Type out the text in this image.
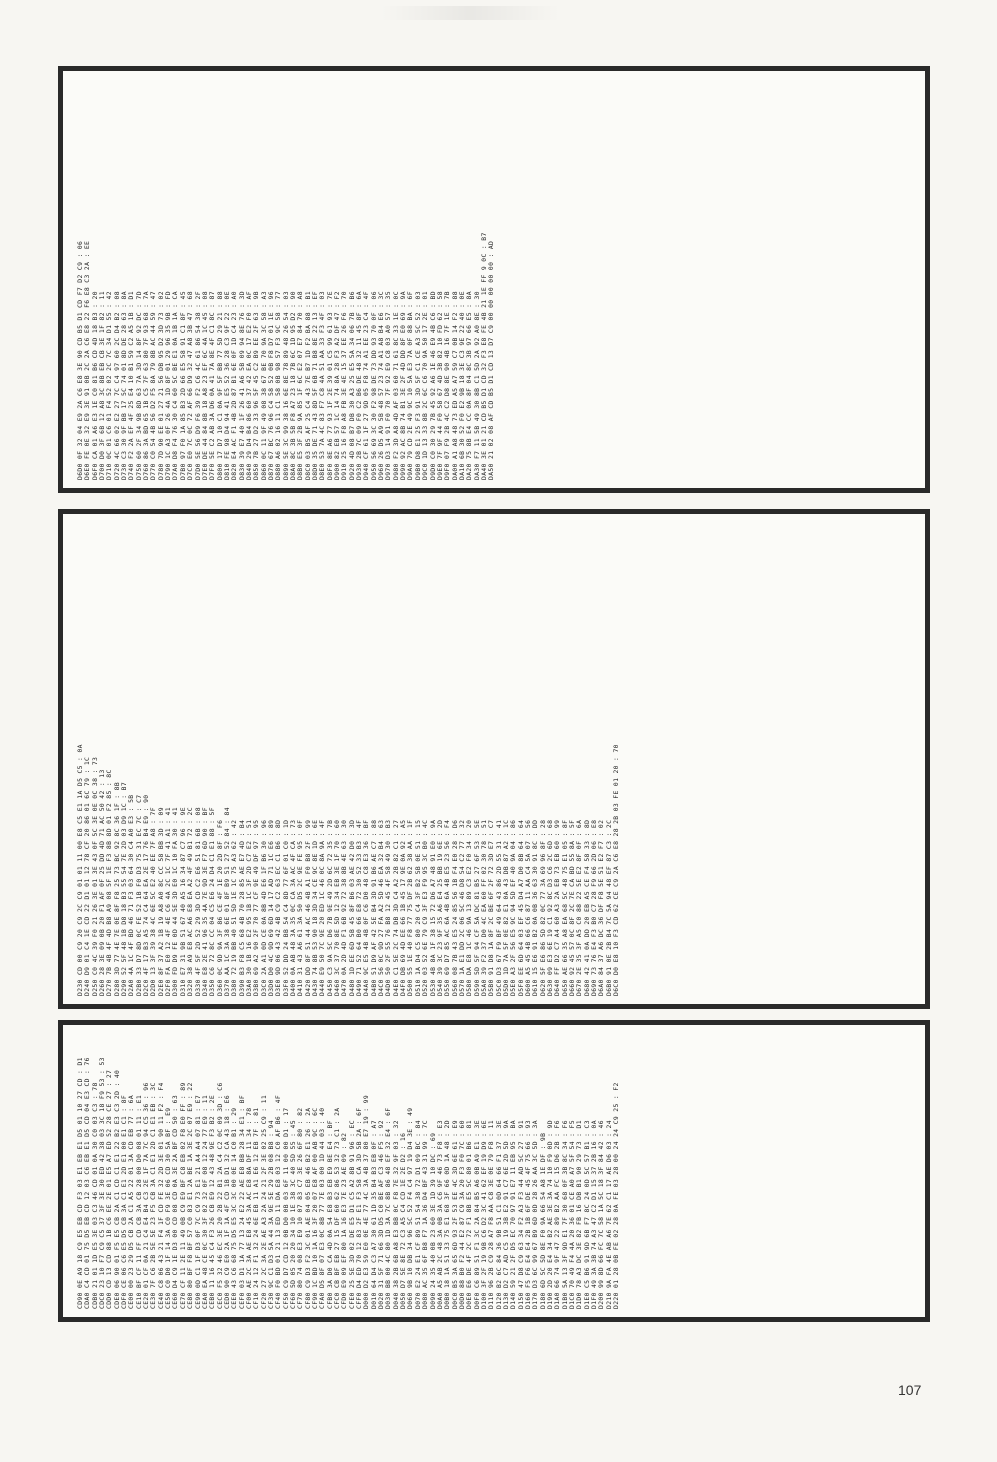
D6D0 0F 32 04 E9 2A C6 E8 3E 90 CD B5 D1 CD F7 D2 C9 : 06 D6E0 FE 0E 32 E9 3E 91 0B 2C 2A C6 E8 22 F6 E8 C3 2A : EE D6F0 CA 01 A6 E3 1E C0 81 B6 CD 4D 18 B3 : 20 D700 D0 3F 6B 12 A8 3C 8B EB CB 3E 1F 82 : 11 D710 0C 01 C6 01 F4 52 02 2C 7C 34 D1 55 : 42 D720 4C 66 02 E2 27 7C C4 97 60 2C D4 B2 : 08 D730 C3 30 9F BB 17 5C 74 01 8D DE 28 63 : 8A D740 F2 2A EF 4F 25 E4 10 B1 59 C2 A5 1B : D1 D750 60 2F 34 9B 8D 63 7A 3D 14 8F 92 DC : 7D D760 86 3A BD 65 1B C5 7F 63 80 7F 93 68 : 7A D770 C0 54 4B 56 D2 F5 8A 79 8B AC 44 59 : 47 D780 7D 90 EE 01 27 21 56 DB 95 D2 3D 73 : 02 D790 1C A3 0F 26 4A 1D 8F 01 29 96 35 9B : FD D7A0 D8 F4 76 30 C4 60 5C BE E1 0A 1B 1A : CA D7B0 97 F0 1A 85 B3 2D 66 E5 58 91 C1 8F : 45 D7C0 E0 7C 0C 72 AF 66 D9 32 47 A8 3B 47 : 68 D7D0 5E 56 D9 F6 39 F2 C6 4C 61 86 54 38 : 2F D7E0 DE 44 84 8B 18 A8 23 EF 6C 4A 1C 45 : 08 D7F0 5E C2 AB 3A D6 0A 41 7A 8E 4F C1 8C : 87 D800 17 D7 10 C1 0A 9F 5F BB 77 5D 29 21 : 88 D810 FE 98 D4 94 41 E5 52 36 28 C3 9F 22 : 0E D820 E4 AC F1 4B 2D 87 B1 6E 0F 1D C4 23 : A0 D830 39 E7 40 1F 26 41 A6 5B 09 94 8E 76 : 3D D840 29 D4 B4 86 60 37 42 EA 0C 17 E2 F0 : AF D850 7B 27 D2 33 96 5F 45 C2 B9 EE 2F 63 : 9B D860 0C 11 9F 49 08 38 67 BE 70 9A 3C 58 : A3 D870 67 BC 76 96 C4 58 52 0B F8 D7 01 1E : 96 D880 A6 02 16 11 C1 58 0B 98 57 F3 9C 58 : 77 D890 5E 3C 99 38 16 6E 8E 78 89 48 26 54 : 03 D8A0 8C 3B 5B F8 A7 23 18 7B 6C 1D 95 D2 : 90 D8B0 E5 3F 2B 9A 85 1F 6C E2 07 E7 84 70 : A8 D8C0 03 B5 AF 25 C4 43 7E B7 1D F2 BA 88 : B1 D8D0 35 DE 71 43 8D 5F 6B 71 B8 8E 22 13 : EF D8E0 53 7A 4C 83 F7 C8 4A 51 AA 33 F3 4F : 03 D8F0 8E A6 77 93 1F 2E 39 01 C5 99 61 93 : 7E D900 82 EB 57 1C 14 74 8A 28 F3 A2 DF 47 : F2 D910 25 16 F8 A8 FB 3E 4E 15 37 EE 26 F6 : 70 D920 4D 08 B7 DB 30 A3 25 E5 5A 34 06 7B : B6 D930 2B 7C 09 F0 C2 B6 DE 48 32 11 45 8F : 6A D940 CF 61 1F 27 9D 05 F8 74 A1 EE 23 C4 : 4F D950 56 69 3C 30 F2 98 DE 73 DD 93 70 0F : 06 D960 26 D5 A9 5B 48 57 23 74 A1 A8 B4 E6 : 3C D970 D3 14 91 F0 70 7F 92 E9 C8 03 A0 57 : 35 D980 F2 3D A8 4D AF 03 60 71 61 8C 33 1E : 0C D990 92 AC 8B 74 B1 3E 2F 4D DD 8F E0 69 : 9A D9A0 79 CD 2E 49 9C 10 5A E3 7A 0F 88 BA : 6F D9B0 D8 E1 25 F3 91 3D 5F C1 CE A3 5C 52 : 03 D9C0 1D 13 33 8B 2C 6C C6 70 9A 50 17 2E : 01 D9D0 C0 30 29 7B 45 92 A6 1E 46 E9 4B C6 : BD D9E0 7F 9F 44 F0 58 67 4D 3B 82 10 FD 62 : 58 D9F0 07 F9 2B 4C C2 D8 8E 90 4B 16 7F 1E : 7B DA00 A1 A8 48 73 ED A5 A7 59 C7 0B 14 F2 : 88 DA10 6B 30 52 F0 E2 9B 18 3E C3 9E 22 40 : 0E DA20 75 8B E4 CC 0A 8F 04 8C 3B 97 66 E5 : 8A DA30 F7 11 5B 49 30 8B C1 5D 2A 92 A0 8E : 30 DA40 3E 01 21 CD B5 D1 CD 32 F3 E8 FE 4B 21 1E FF 9 0C : B7 DA50 21 02 08 AF CD B5 D1 CD 13 D7 C9 00 00 00 00 00 : AD
D230 CD 00 C9 20 C9 2C C9 01 01 11 00 E8 C5 E1 1A D5 C5 : 0A D240 D9 01 C4 1E CD 22 D1 01 12 78 CF 20 86 01 6C 79 : 1C D250 C0 4C 39 F0 21 26 3E 01 3E 43 0F 5C 3E 0E 0C 38 : 73 D260 28 3E 09 0B 20 F1 AF 0F 25 DD 4D 71 AC 50 42 : 13 D270 7B 4B 4F 4D B8 A9 08 5F 1E F3 8B 8D 01 F2 85 : 8C D280 3D 77 4E 7E 0E 8F F8 25 73 BC 92 8C 36 1F : 8B D290 52 5F 48 1B D8 18 B3 55 54 7E 2D 03 D9 1C : B7 D2A0 4A 1C 4F BD 46 71 F3 03 64 30 C4 A0 E3 : 5B D2B0 33 D7 8D 0C FE 52 1B F0 D3 75 31 EC 7C : C7 D2C0 4F 17 B3 A5 74 C4 64 EA 2E 17 76 B4 E9 : 90 D2D0 13 3F 39 38 4C 6E 5C E2 40 EE 7F A8 : 7F D2E0 8F 37 A2 1B 19 A8 A0 8C CC 58 BB 3D : 09 D2F0 FA E0 12 4F 4E C6 4A 2C 1C 7F 41 A1 : 41 D300 FD D9 FE 0D 44 5E 3D E0 1C 10 FA 30 : 41 D310 E7 31 9B 51 67 40 A5 16 34 87 C7 96 : 9E D320 38 A9 E8 AC A6 E8 EA A2 4F 49 B1 72 : 2C D330 4F 5F 2D 52 29 3D CD C2 E6 51 81 6B : 08 D340 E8 2E 41 96 35 4A 7E 9D 3E F7 6D 90 : BF D350 C6 72 8C CC 04 C5 E6 24 D4 C1 E1 88 : 5F D360 0C 9D 9A 3F 86 CE 4F 1E 20 2D 8F : F6 D370 AA 1C 3A 38 6E 01 8F B9 51 27 52 84 : 84 D380 72 19 BB 40 51 5D 1E 1C 75 A3 62 : 42 D390 B3 F8 C5 68 4B 70 28 85 AE E7 4D : B4 D3A0 30 1B 16 E2 95 1B 1C 3F 2D C7 E2 : 51 D3B0 69 A2 90 2F 70 77 CF 9E 49 DF 97 : 95 D3C0 2A A1 0D CE 0A 8B 4D E6 1F B6 30 : 96 D3D0 D0 4C 9D 69 6D 14 17 AD 71 1C E6 : 89 D3E0 9D 06 43 42 4B C9 C2 63 EC C1 B6 : 8D D3F0 52 DD 24 BB 54 C4 8D 77 6F 01 C0 : 1D D400 0A AB 48 3A 35 0C CA 3A AC 4F CA : 73 D410 31 43 A6 61 3A 50 D5 2C 9E FE 95 : 0F D420 DD 8F 51 44 AC 46 4B A1 F0 B8 2F : 99 D430 74 8B 53 90 18 3D 34 CE 9C 8E 1D : 6E D440 E9 50 7C 9E 20 ED 1C 46 0C 8A 9A : 4F D450 C3 9A 5C D6 7B 9E 49 2D 6C 72 35 : 7B D460 3C 37 70 8E 5D 12 34 EB 3E 1F 70 : 60 D470 0A 2D 4D F1 6B 92 72 38 8B 4E 63 : 30 D480 1D EE 6D 5B 45 8F B6 03 AE 42 D0 : 3D D490 71 52 64 B0 66 E8 72 30 52 33 B3 : 4F D4A0 9C E5 4B 4B 0F C6 D0 48 C8 E3 36 : BF D4B0 51 D9 AF 42 5E B4 3D 91 B6 AE C7 : 88 D4C0 56 0C 9D 27 FA A2 5D 46 EA 32 B4 : 63 D4D0 50 2F 55 76 B8 12 45 4F 58 49 30 : B3 D4E0 C1 5E 2C 74 DB 3D C4 A2 2B 82 C1 : 27 D4F0 DB 69 4D EE 66 1B 45 17 9E 0A 92 : A5 D500 55 1E 40 F8 77 75 DF 2B 62 38 AA : 1F D510 1A D4 C5 80 20 C4 3F B2 5B 0E 51 : 15 D520 03 52 6E 79 C9 3F E3 F9 95 3C B0 : 4C D530 4B 8A 1F 38 15 72 D6 A7 48 91 E0 : 9A D540 39 3C 23 9F 35 A6 E4 25 BB 19 6E : 2D D550 69 D7 85 AC 6A 4B 6A 4B E5 23 56 : F4 D560 08 7B 43 E5 24 85 56 1B F4 E0 28 : D6 D570 1A E1 DD 2C 06 5C 46 D8 54 C2 77 : 32 D580 DA E8 1C 46 9A 13 89 C3 E2 F0 34 : 20 D590 5D 5F 94 CF 5A DC 81 B5 27 6F 53 : 5E D5A0 39 F2 37 D0 4C EA 60 FF 02 30 78 : 51 D5B0 91 D8 1A 8F 2C BE 6F 2F 72 3D E7 : C7 D5C0 D3 67 F9 BF 49 64 43 86 2D 55 31 : 41 D5D0 1D 7A 5F 0E 82 E1 0A 43 DB 87 A2 : 1C D5E0 A3 2F 56 E5 9C 94 5D EF 40 9A 04 : 86 D5F0 EE 6D 64 03 EF 45 D4 A7 D0 8B 64 : 64 D600 A5 45 4B 66 C6 87 11 AA C4 5A 07 : 56 D610 15 E6 91 B2 0A 0B 36 63 30 91 8C : DD D620 5F E6 86 5D 82 0C 77 3A 69 96 8F : 28 D630 09 E3 6E 19 C1 92 8C D3 C6 2C 6D : 68 D640 FF D2 C7 A4 60 A3 2A EB 73 EB 60 : 99 D650 AE 66 35 A8 EA 68 5C 48 75 E1 05 : 8F D660 92 45 57 0C 8F 2C 7E CA BD 55 8A : 5F D670 2E 35 3F A5 C0 88 22 5E E2 8F 0F : 6A D680 42 41 0A DD 20 EB A5 CE F4 58 33 : 8D D690 73 76 E4 F3 B0 C7 28 F9 66 2D 06 : E8 D6A0 84 37 A6 DC 36 DF F8 5E 51 E2 F7 : 02 D6B0 91 0E 2B B4 7C 5A 94 48 EF 87 C3 : 2C D6C0 D0 E8 10 F3 CD 62 CE C9 2A C6 E8 28 2B 03 FE 01 20 : 70
CD90 0E A9 18 C9 E5 EB CD F3 03 E1 EB E1 D5 01 10 27 CD : D1 CDA0 C4 CD 01 75 D5 EB CD 12 03 C6 EB E1 D5 CD 04 E3 CD : 76 CDB0 21 01 1D E5 3E 03 C3 46 CD 01 0A 30 C0 03 C3 : 78 CDC0 23 10 F7 C9 C5 37 3F 3E 30 ED 42 38 03 3C 18 F9 53 : 53 CDD0 CD 13 CD 88 1B C6 EE 2E 01 E5 A7 ED 52 28 CE 27 : 27 CDE0 06 90 01 F5 E5 CB 2A C1 CD C1 E1 22 B2 E3 C3 2D : 40 CDF0 CE 06 C6 E5 D5 CB 3A C1 E1 2D E1 00 E1 C1 : 8F CE00 00 23 29 D5 CB 2A C1 A5 22 01 3A CD EB 77 : 6A CE10 BF CF 11 FF CD CB 3A CB 28 00 D0 08 01 11 : E1 CE20 01 CF 0A 21 C4 E4 B4 C3 2E 1F 7A 7C 94 C5 36 : 96 CE30 7F C6 2B 5E 5E 23 F5 CB 3A C1 E1 2D C1 E1 EB : 3C CE40 C8 06 43 21 F4 1F CD FE 32 2D 3E 01 90 11 F2 : F4 CE50 C0 D0 1F 14 3A C0 F9 3E 06 CD 30 5A BF : E9 CE60 D4 C9 1E D3 00 CD 08 CD 0A 3E 2A BF CD 50 : 63 CE70 CF 11 2E 11 49 0B C9 E9 BF C8 EB 02 F8 E0 FF : 89 CE80 80 BF F8 BF 57 C0 83 E1 2A BE 1A 3E 2C 07 E9 : 22 CE90 0D C1 1F D3 0F 7C C9 73 E1 21 A4 A4 07 81 : E7 CEA0 EA 48 CE 0C 30 3F 02 32 0F 08 12 24 77 E9 : 11 CEB0 11 16 45 C4 F3 26 CB E9 12 43 48 9E F3 B2 : 2E CEC0 F5 32 46 EC 3E 20 2B 22 B1 2A C4 C2 0C 09 3D : C6 CED0 90 C9 E0 2A 1F 1A 4F CD 1B D1 32 CA 43 18 : E6 CEE0 43 C6 68 75 D5 E5 3C 3C 00 0E 14 C0 B1 : 29 CEF0 03 D1 1A 77 13 24 E2 22 AE E8 BB 28 34 E1 : BF CF00 AE 2C 3A AE E8 45 3A AC E8 8A DF 11 34 : 78 CF10 24 12 F1 32 24 6E EB 11 A1 E6 12 EB 7F : 81 CF20 27 2C 3A 2E AE A3 2A 24 21 2F 3E 02 25 C9 : 11 CF30 9C C1 D3 5A 44 3A 9E 5E 29 2B 08 B8 : 94 CF40 F0 BD 01 21 13 ED 11 DA E8 03 12 C0 AF B6 : 4F CF50 C9 D7 CD 12 0B D0 0B 03 6F 11 00 00 D1 : 17 CF60 5D 05 20 20 34 10 1E 38 3C 40 5D 55 : 45 CF70 80 74 08 E3 E9 10 07 83 C7 3E 26 6F 80 : 82 CF80 C9 D3 F2 3C 01 AE 04 05 EB 46 B2 E1 26 : 2A CF90 1C BD 10 1A 16 3F 20 07 E8 AF 00 AB 9C : 6C CFA0 D5 8F 07 E3 0C 8B 77 7E 03 00 1D 44 03 : 40 CFB0 3A D0 CA 4D 0A 54 E8 B3 EB E9 BE E4 : BF CFC0 CB BF EB 27 15 DF 60 62 86 53 32 73 C1 : 2A CFD0 E9 09 EF 80 1A 16 E3 7E 23 AE 09 : 82 CFE0 25 5E 3D 02 DE E5 D1 C5 A2 8B 91 96 : EC CFF0 D4 ED 70 12 83 2F E1 F3 58 CA 3D 5B 2A : 6F D000 D2 E3 59 E0 0E 4E 77 4C 3A 4B 37 80 E7 19 : 99 D010 64 D4 C3 A7 30 61 1D 35 B4 B3 EB 0F : A7 D020 31 5F 71 66 3D D5 C0 BE AF C3 46 F5 : 92 D030 BB 00 4C 80 1D 3A 7C 8B 86 48 EF 32 E4 : 6F D040 38 2B 6B A8 E3 BB 0C F8 7E 32 9F 03 : 32 D050 D7 5E 8E 72 C3 A5 C4 CD 1E 2E D2 : 16 D060 9B 10 DB 34 96 5C 52 F4 C4 97 19 D4 3E : 49 D070 E2 24 E1 CF 89 51 54 38 72 D1 09 BC : 84 D080 AC 35 6F B8 F7 1A 36 D4 BF 43 31 99 : 7C D090 24 35 40 0B 23 60 3E 1D 39 10 DC : 69 D0A0 A5 AB 2C 48 3A 0B 3A C6 9F 46 73 F8 : E3 D0B0 18 1A 51 33 75 E1 68 3F 66 0D 1A 48 : 2D D0C0 B5 3A 65 6D 93 2F 53 EE 4C 3D 6E 61 : E9 D0D0 88 B0 F2 44 E2 87 C9 3A 20 F3 F0 7C : 60 D0E0 E6 DE 4F 2C 72 F1 8B E5 5C 80 01 B6 : 81 D0F0 C6 89 51 F1 3C 2A 84 B5 A6 0B A9 E1 : 3E D100 3F 2F 19 9B C6 D2 3C 41 62 EF 19 D9 : 6E D110 96 2B C9 28 A7 F8 AA C8 3E 0E 79 F8 : 11 D120 B2 6C 84 36 9B 51 C1 0D 64 66 F1 37 : 3E D130 D2 C7 AD C5 19 3B E2 91 C7 6E 2D 5D : 9A D140 59 21 2F D5 EC 70 97 91 E7 11 EB 95 : BA D150 47 D8 C9 63 34 F2 A3 F3 44 AD 5C 27 : 91 D160 F5 F6 E4 E4 2B 1B 6F DE 45 4F 75 66 : 93 D170 D3 6C 99 67 B9 6D 0D 28 26 AA 3C 5D : 3A D180 6D 5C 5D 8E F0 9A 66 54 A8 1E DF : 9B D190 2D 20 E4 34 B2 AE 3E 3A 74 10 F9 0D : 9D D1A0 66 74 9F 47 22 89 B2 AA FC 15 D6 2B : F6 D1B0 5A 13 3F 9D E1 7F 30 68 0F 3B 8C 34 : F6 D1C0 70 49 F4 4A 20 36 01 CE A0 A7 5F 54 : F5 D1D0 78 A3 DC 3E 82 FB 16 DB B1 90 29 73 : D1 D1E0 C5 B6 91 9D 6B F7 8C 24 0D 5C 57 B1 : C3 D1F0 49 3A 3B 74 A3 47 C2 D1 15 37 2B 16 : 0A D200 99 8D 66 FC 7C 58 1A 5C 18 3F 84 42 : 46 D210 9A FA 4E AB A6 7E 62 C1 17 AE D6 03 : 24 D220 01 28 0B FE 02 28 0A FE 03 28 00 24 24 C9 25 : F2
107
